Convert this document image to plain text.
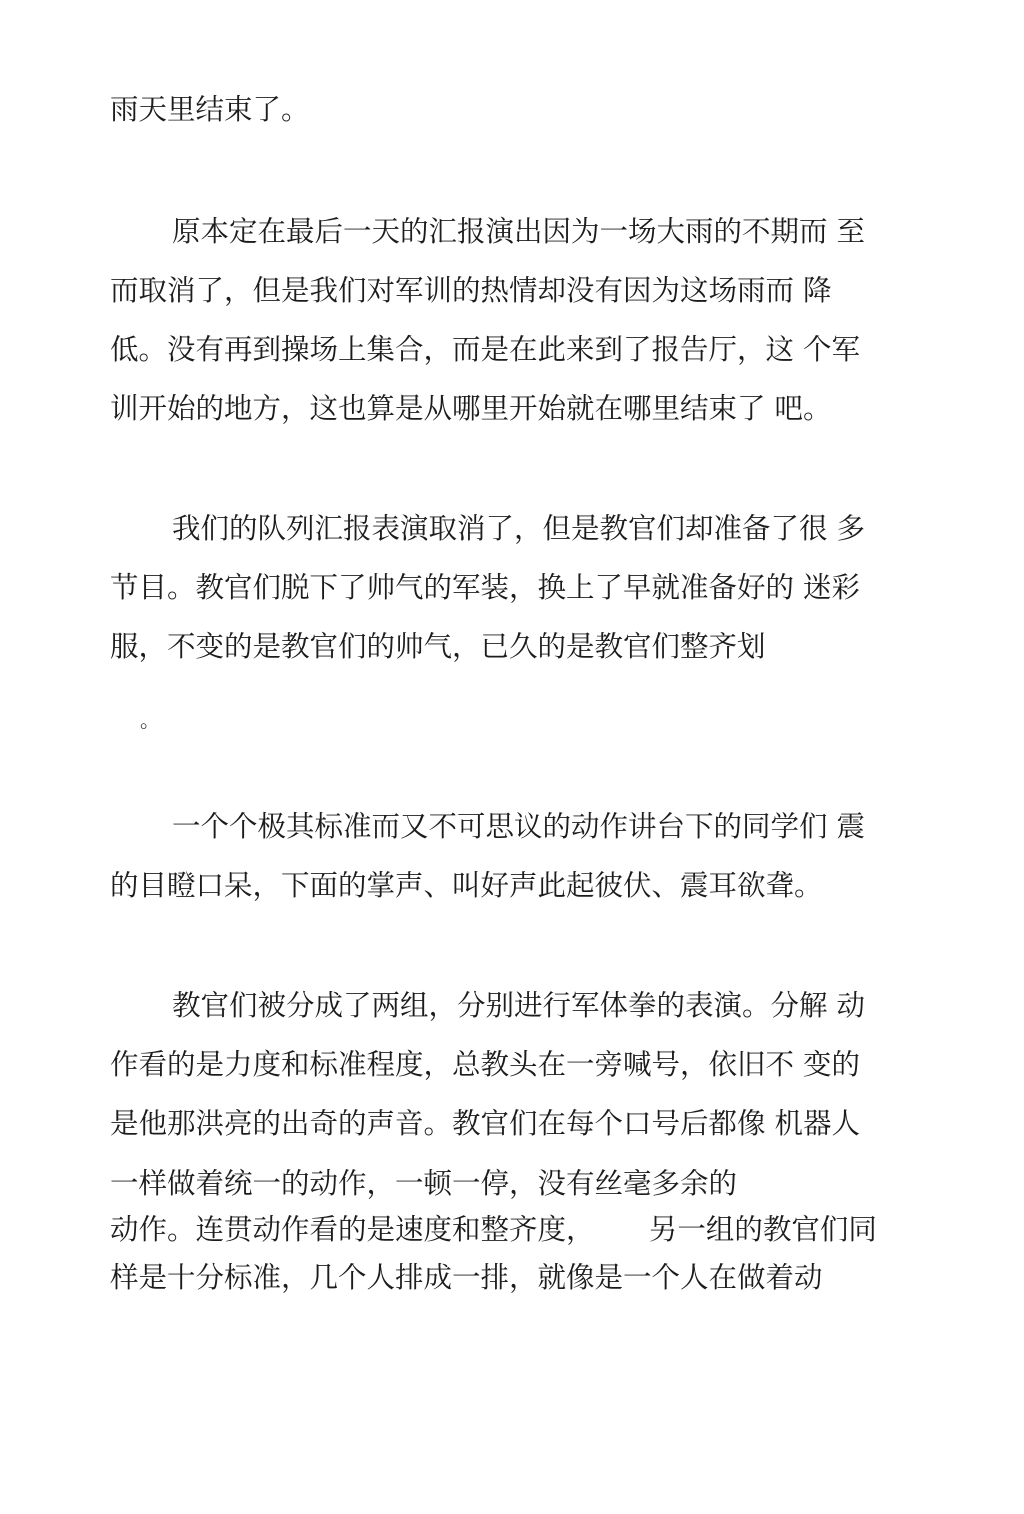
雨天里结束了。

原本定在最后一天的汇报演出因为一场大雨的不期而 至

而取消了，但是我们对军训的热情却没有因为这场雨而 降

低。没有再到操场上集合，而是在此来到了报告厅，这 个军

训开始的地方，这也算是从哪里开始就在哪里结束了 吧。

我们的队列汇报表演取消了，但是教官们却准备了很 多

节目。教官们脱下了帅气的军装，换上了早就准备好的 迷彩

服，不变的是教官们的帅气，已久的是教官们整齐划

。

一个个极其标准而又不可思议的动作讲台下的同学们 震

的目瞪口呆，下面的掌声、叫好声此起彼伏、震耳欲聋。

教官们被分成了两组，分别进行军体拳的表演。分解 动

作看的是力度和标准程度，总教头在一旁喊号，依旧不 变的

是他那洪亮的出奇的声音。教官们在每个口号后都像 机器人

一样做着统一的动作，一顿一停，没有丝毫多余的

动作。连贯动作看的是速度和整齐度，      另一组的教官们同

样是十分标准，几个人排成一排，就像是一个人在做着动
